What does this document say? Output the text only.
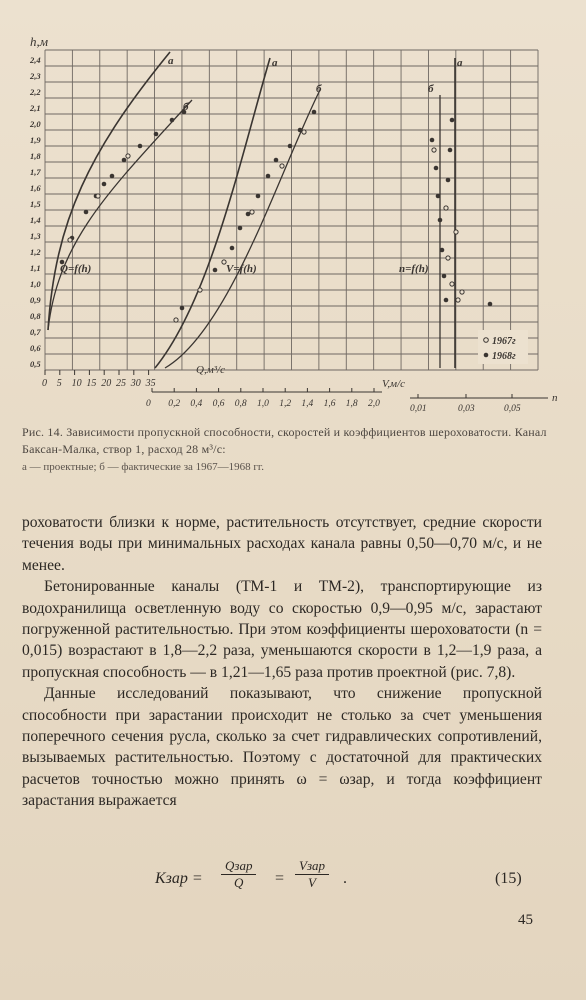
h,м
2,4
2,3
2,2
2,1
2,0
1,9
1,8
1,7
1,6
1,5
1,4
1,3
1,2
1,1
1,0
0,9
0,8
0,7
0,6
0,5
0 5 10 15 20 25 30 35
Q,м³/с
0 0,2 0,4 0,6 0,8 1,0 1,2 1,4 1,6 1,8 2,0
V,м/с
0,01	0,03	0,05
n
а
б
а
б
а
б
Q=f(h)	V=f(h)	n=f(h)
1967г
1968г
Рис. 14. Зависимости пропускной способности, скоростей и коэффициентов шероховатости. Канал Баксан-Малка, створ 1, расход 28 м³/с:
а — проектные; б — фактические за 1967—1968 гг.

роховатости близки к норме, растительность отсутствует, средние скорости течения воды при минимальных расходах канала равны 0,50—0,70 м/с, и не менее.

Бетонированные каналы (ТМ-1 и ТМ-2), транспортирующие из водохранилища осветленную воду со скоростью 0,9—0,95 м/с, зарастают погруженной растительностью. При этом коэффициенты шероховатости (n = 0,015) возрастают в 1,8—2,2 раза, уменьшаются скорости в 1,2—1,9 раза, а пропускная способность — в 1,21—1,65 раза против проектной (рис. 7,8).

Данные исследований показывают, что снижение пропускной способности при зарастании происходит не столько за счет уменьшения поперечного сечения русла, сколько за счет гидравлических сопротивлений, вызываемых растительностью. Поэтому с достаточной для практических расчетов точностью можно принять ω = ωзар, и тогда коэффициент зарастания выражается

Kзар =
Qзар
Q	=
Vзар
V	.	(15)
45
